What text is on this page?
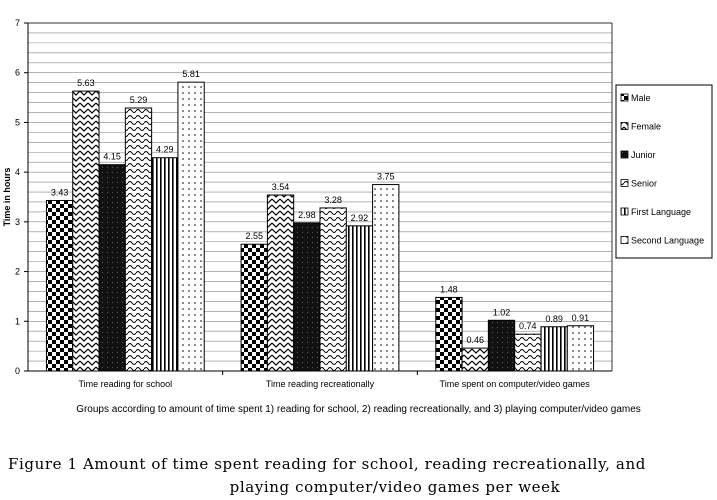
0
1
2
3
4
5
6
7
Time in hours
Time reading for school	Time reading recreationally	Time spent on computer/video games
3.43
5.63
4.15
5.29
4.29
5.81
2.55
3.54
2.98
3.28
2.92
3.75
1.48
0.46
1.02
0.74
0.89 0.91
Male
Female
Junior
Senior
First Language
Second Language
Groups according to amount of time spent 1) reading for school, 2) reading recreationally, and 3) playing computer/video games
Figure 1 Amount of time spent reading for school, reading recreationally, and
playing computer/video games per week
